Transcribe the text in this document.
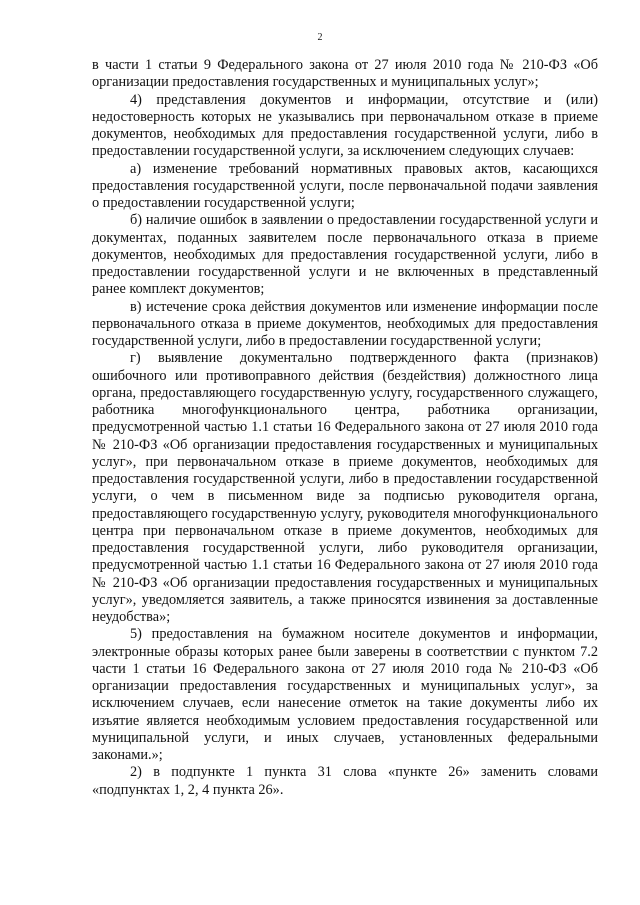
2

в части 1 статьи 9 Федерального закона от 27 июля 2010 года № 210-ФЗ «Об организации предоставления государственных и муниципальных услуг»;

4) представления документов и информации, отсутствие и (или) недостоверность которых не указывались при первоначальном отказе в приеме документов, необходимых для предоставления государственной услуги, либо в предоставлении государственной услуги, за исключением следующих случаев:

а) изменение требований нормативных правовых актов, касающихся предоставления государственной услуги, после первоначальной подачи заявления о предоставлении государственной услуги;

б) наличие ошибок в заявлении о предоставлении государственной услуги и документах, поданных заявителем после первоначального отказа в приеме документов, необходимых для предоставления государственной услуги, либо в предоставлении государственной услуги и не включенных в представленный ранее комплект документов;

в) истечение срока действия документов или изменение информации после первоначального отказа в приеме документов, необходимых для предоставления государственной услуги, либо в предоставлении государственной услуги;

г) выявление документально подтвержденного факта (признаков) ошибочного или противоправного действия (бездействия) должностного лица органа, предоставляющего государственную услугу, государственного служащего, работника многофункционального центра, работника организации, предусмотренной частью 1.1 статьи 16 Федерального закона от 27 июля 2010 года № 210-ФЗ «Об организации предоставления государственных и муниципальных услуг», при первоначальном отказе в приеме документов, необходимых для предоставления государственной услуги, либо в предоставлении государственной услуги, о чем в письменном виде за подписью руководителя органа, предоставляющего государственную услугу, руководителя многофункционального центра при первоначальном отказе в приеме документов, необходимых для предоставления государственной услуги, либо руководителя организации, предусмотренной частью 1.1 статьи 16 Федерального закона от 27 июля 2010 года № 210-ФЗ «Об организации предоставления государственных и муниципальных услуг», уведомляется заявитель, а также приносятся извинения за доставленные неудобства»;

5) предоставления на бумажном носителе документов и информации, электронные образы которых ранее были заверены в соответствии с пунктом 7.2 части 1 статьи 16 Федерального закона от 27 июля 2010 года № 210-ФЗ «Об организации предоставления государственных и муниципальных услуг», за исключением случаев, если нанесение отметок на такие документы либо их изъятие является необходимым условием предоставления государственной или муниципальной услуги, и иных случаев, установленных федеральными законами.»;

2) в подпункте 1 пункта 31 слова «пункте 26» заменить словами «подпунктах 1, 2, 4 пункта 26».
